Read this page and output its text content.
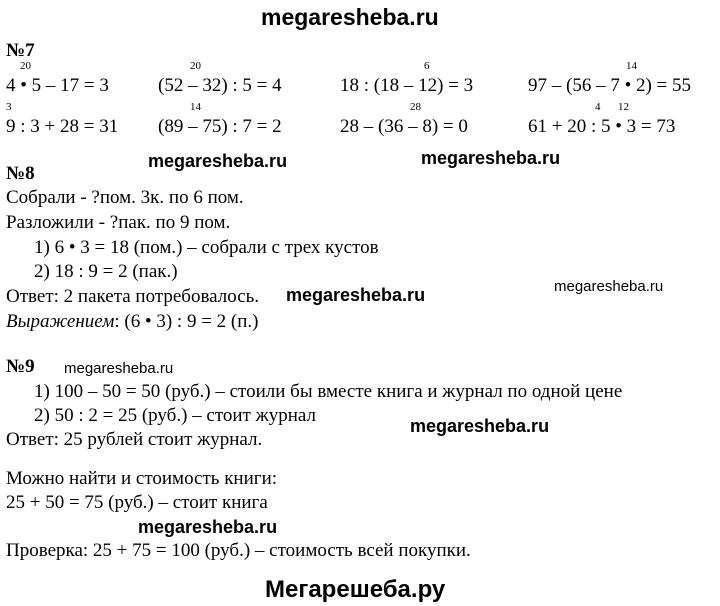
megaresheba.ru
№7
20
4 • 5 – 17 = 3
20
(52 – 32) : 5 = 4
6
18 : (18 – 12) = 3
14
97 – (56 – 7 • 2) = 55
3
9 : 3 + 28 = 31
14
(89 – 75) : 7 = 2
28
28 – (36 – 8) = 0
4 12
61 + 20 : 5 • 3 = 73
megaresheba.ru	megaresheba.ru
№8
Собрали - ?пом. 3к. по 6 пом.
Разложили - ?пак. по 9 пом.
1) 6 • 3 = 18 (пом.) – собрали с трех кустов
2) 18 : 9 = 2 (пак.)
megaresheba.ru
Ответ: 2 пакета потребовалось. megaresheba.ru
Выражением: (6 • 3) : 9 = 2 (п.)
№9 megaresheba.ru
1) 100 – 50 = 50 (руб.) – стоили бы вместе книга и журнал по одной цене
2) 50 : 2 = 25 (руб.) – стоит журнал	megaresheba.ru
Ответ: 25 рублей стоит журнал.
Можно найти и стоимость книги:
25 + 50 = 75 (руб.) – стоит книга
megaresheba.ru
Проверка: 25 + 75 = 100 (руб.) – стоимость всей покупки.
Мегарешеба.ру
